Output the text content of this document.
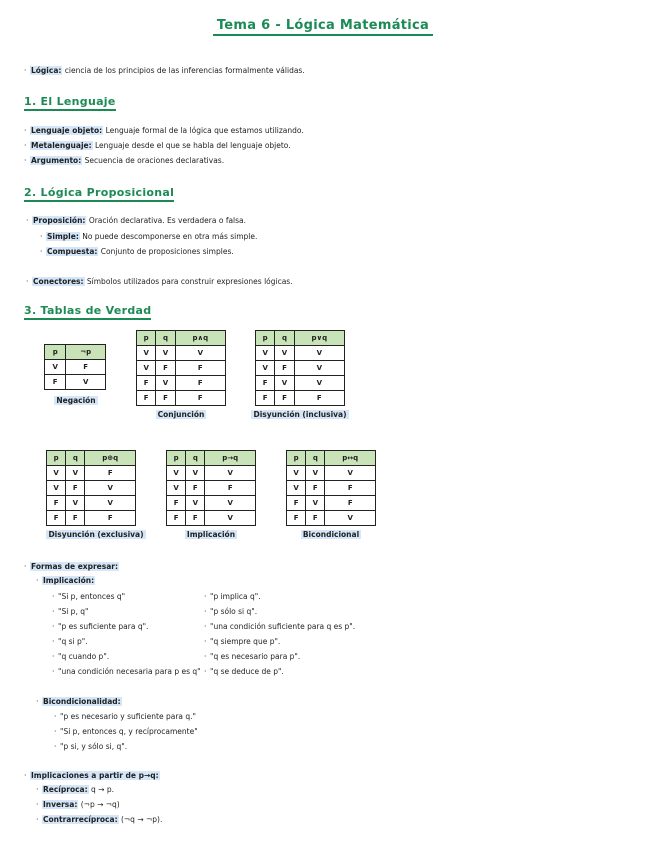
Tema 6 - Lógica Matemática
· Lógica: ciencia de los principios de las inferencias formalmente válidas.
1. El Lenguaje
· Lenguaje objeto: Lenguaje formal de la lógica que estamos utilizando.
· Metalenguaje: Lenguaje desde el que se habla del lenguaje objeto.
· Argumento: Secuencia de oraciones declarativas.
2. Lógica Proposicional
· Proposición: Oración declarativa. Es verdadera o falsa.
· Simple: No puede descomponerse en otra más simple.
· Compuesta: Conjunto de proposiciones simples.
· Conectores: Símbolos utilizados para construir expresiones lógicas.
3. Tablas de Verdad
p	¬p
V	F
F	V
Negación
p	q	p∧q
V	V	V
V	F	F
F	V	F
F	F	F
Conjunción
p	q	p∨q
V	V	V
V	F	V
F	V	V
F	F	F
Disyunción (inclusiva)
p	q	p⊕q
V	V	F
V	F	V
F	V	V
F	F	F
Disyunción (exclusiva)
p	q	p→q
V	V	V
V	F	F
F	V	V
F	F	V
Implicación
p	q	p↔q
V	V	V
V	F	F
F	V	F
F	F	V
Bicondicional
· Formas de expresar:
· Implicación:
· "Si p, entonces q"
· "Si p, q"
· "p es suficiente para q".
· "q si p".
· "q cuando p".
· "una condición necesaria para p es q"
· "p implica q".
· "p sólo si q".
· "una condición suficiente para q es p".
· "q siempre que p".
· "q es necesario para p".
· "q se deduce de p".
· Bicondicionalidad:
· "p es necesario y suficiente para q."
· "Si p, entonces q, y recíprocamente"
· "p si, y sólo si, q".
· Implicaciones a partir de p→q:
· Recíproca: q → p.
· Inversa: (¬p → ¬q)
· Contrarrecíproca: (¬q → ¬p).
